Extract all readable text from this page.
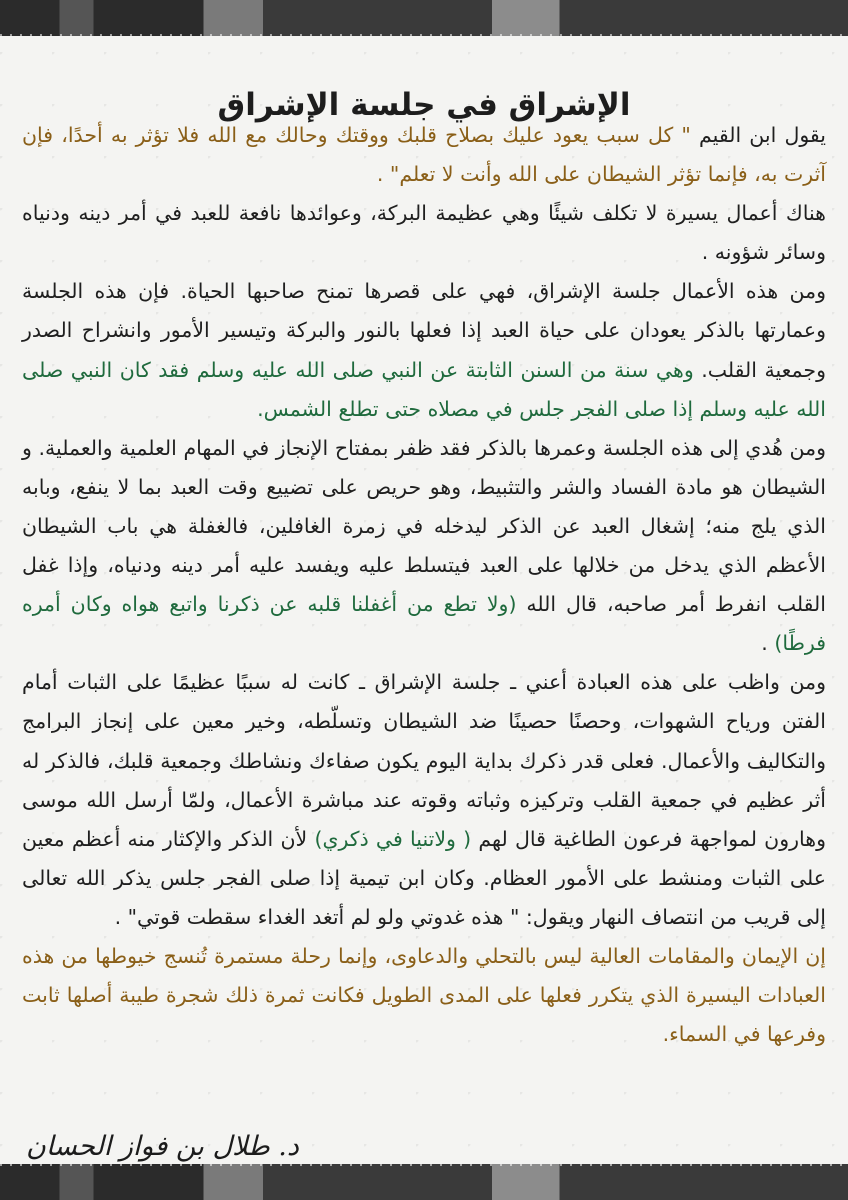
الإشراق في جلسة الإشراق

يقول ابن القيم " كل سبب يعود عليك بصلاح قلبك ووقتك وحالك مع الله فلا تؤثر به أحدًا، فإن آثرت به، فإنما تؤثر الشيطان على الله وأنت لا تعلم" .

هناك أعمال يسيرة لا تكلف شيئًا وهي عظيمة البركة، وعوائدها نافعة للعبد في أمر دينه ودنياه وسائر شؤونه .

ومن هذه الأعمال جلسة الإشراق، فهي على قصرها تمنح صاحبها الحياة. فإن هذه الجلسة وعمارتها بالذكر يعودان على حياة العبد إذا فعلها بالنور والبركة وتيسير الأمور وانشراح الصدر وجمعية القلب. وهي سنة من السنن الثابتة عن النبي صلى الله عليه وسلم فقد كان النبي صلى الله عليه وسلم إذا صلى الفجر جلس في مصلاه حتى تطلع الشمس.

ومن هُدي إلى هذه الجلسة وعمرها بالذكر فقد ظفر بمفتاح الإنجاز في المهام العلمية والعملية. و الشيطان هو مادة الفساد والشر والتثبيط، وهو حريص على تضييع وقت العبد بما لا ينفع، وبابه الذي يلج منه؛ إشغال العبد عن الذكر ليدخله في زمرة الغافلين، فالغفلة هي باب الشيطان الأعظم الذي يدخل من خلالها على العبد فيتسلط عليه ويفسد عليه أمر دينه ودنياه، وإذا غفل القلب انفرط أمر صاحبه، قال الله (ولا تطع من أغفلنا قلبه عن ذكرنا واتبع هواه وكان أمره فرطًا) .

ومن واظب على هذه العبادة أعني ـ جلسة الإشراق ـ كانت له سببًا عظيمًا على الثبات أمام الفتن ورياح الشهوات، وحصنًا حصينًا ضد الشيطان وتسلّطه، وخير معين على إنجاز البرامج والتكاليف والأعمال. فعلى قدر ذكرك بداية اليوم يكون صفاءك ونشاطك وجمعية قلبك، فالذكر له أثر عظيم في جمعية القلب وتركيزه وثباته وقوته عند مباشرة الأعمال، ولمّا أرسل الله موسى وهارون لمواجهة فرعون الطاغية قال لهم ( ولاتنيا في ذكري) لأن الذكر والإكثار منه أعظم معين على الثبات ومنشط على الأمور العظام. وكان ابن تيمية إذا صلى الفجر جلس يذكر الله تعالى إلى قريب من انتصاف النهار ويقول: " هذه غدوتي ولو لم أتغد الغداء سقطت قوتي" .

إن الإيمان والمقامات العالية ليس بالتحلي والدعاوى، وإنما رحلة مستمرة تُنسج خيوطها من هذه العبادات اليسيرة الذي يتكرر فعلها على المدى الطويل فكانت ثمرة ذلك شجرة طيبة أصلها ثابت وفرعها في السماء.

د. طلال بن فواز الحسان
